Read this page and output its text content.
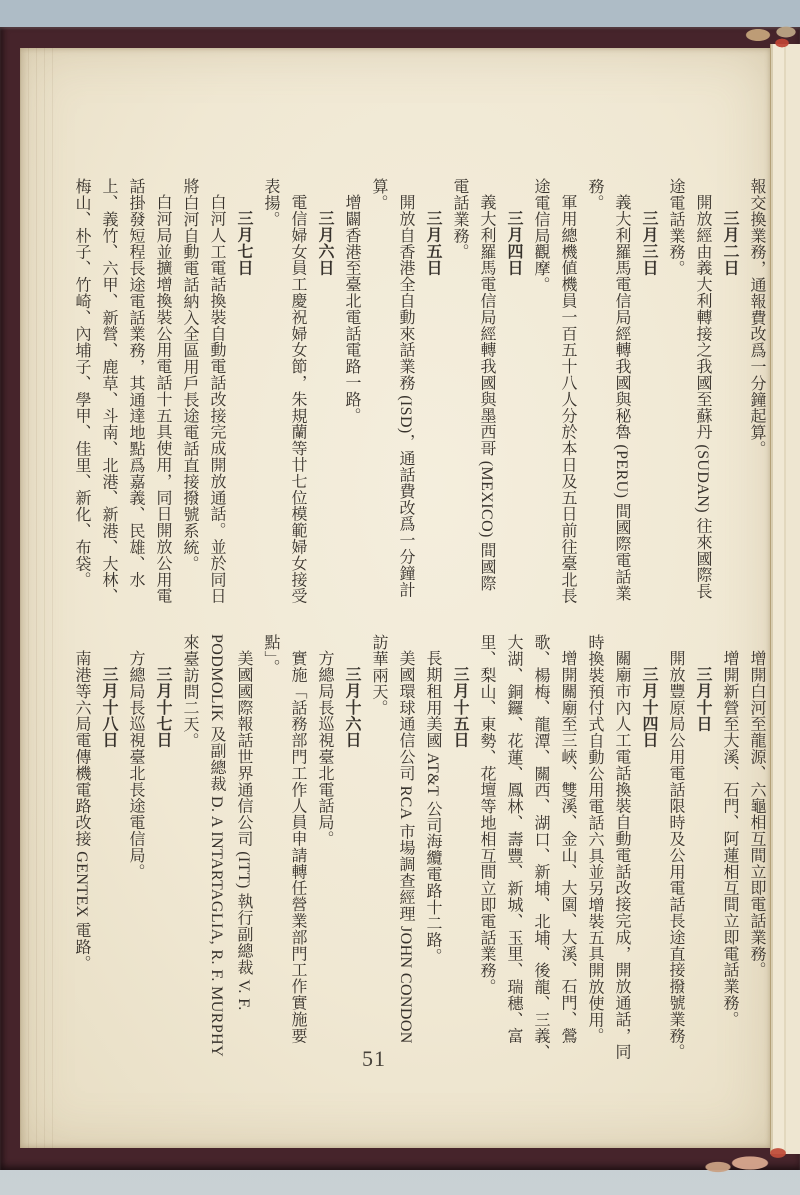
報交換業務，通報費改爲一分鐘起算。

三月二日

開放經由義大利轉接之我國至蘇丹 (SUDAN) 往來國際長途電話業務。

三月三日

義大利羅馬電信局經轉我國與秘魯 (PERU) 間國際電話業務。

軍用總機値機員一百五十八人分於本日及五日前往臺北長途電信局觀摩。

三月四日

義大利羅馬電信局經轉我國與墨西哥 (MEXICO) 間國際電話業務。

三月五日

開放自香港全自動來話業務 (ISD)，通話費改爲一分鐘計算。

增闢香港至臺北電話電路一路。

三月六日

電信婦女員工慶祝婦女節，朱規蘭等廿七位模範婦女接受表揚。

三月七日

白河人工電話換裝自動電話改接完成開放通話。並於同日將白河自動電話納入全區用戶長途電話直接撥號系統。

白河局並擴增換裝公用電話十五具使用，同日開放公用電話掛發短程長途電話業務，其通達地點爲嘉義、民雄、水上、義竹、六甲、新營、鹿草、斗南、北港、新港、大林、梅山、朴子、竹崎、內埔子、學甲、佳里、新化、布袋。

增開白河至龍源、六龜相互間立即電話業務。

增開新營至大溪、石門、阿蓮相互間立即電話業務。

三月十日

開放豐原局公用電話限時及公用電話長途直接撥號業務。

三月十四日

關廟市內人工電話換裝自動電話改接完成，開放通話，同時換裝預付式自動公用電話六具並另增裝五具開放使用。

增開關廟至三峽、雙溪、金山、大園、大溪、石門、鶯歌、楊梅、龍潭、關西、湖口、新埔、北埔、後龍、三義、大湖、銅鑼、花蓮、鳳林、壽豐、新城、玉里、瑞穗、富里、梨山、東勢、花壇等地相互間立即電話業務。

三月十五日

長期租用美國 AT&T 公司海纜電路十二路。

美國環球通信公司 RCA 市場調查經理 JOHN CONDON 訪華兩天。

三月十六日

方總局長巡視臺北電話局。

實施「話務部門工作人員申請轉任營業部門工作實施要點」。

美國國際報話世界通信公司 (ITT) 執行副總裁 V. F. PODMOLIK 及副總裁 D. A INTARTAGLIA, R. F. MURPHY 來臺訪問二天。

三月十七日

方總局長巡視臺北長途電信局。

三月十八日

南港等六局電傳機電路改接 GENTEX 電路。

51
